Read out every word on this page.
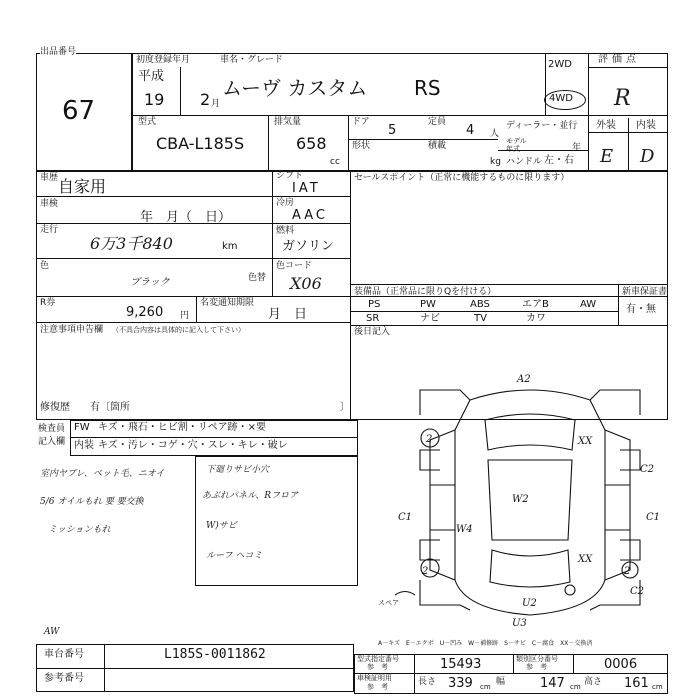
出品番号
67
初度登録年月	車名・グレード
平成
19 2 月
ムーヴ カスタム RS
2WD
4WD
評価点
R
外装 内装
E D
型式
CBA-L185S
排気量
658
cc
ドア
5
定員
4 人
ディーラー・並行
形状	積載	モデル
年式	年
kg ハンドル 左・右
車歴 自家用
車検
年　月（　日）
走行
6万3千840	km
色
ブラック	色替
シフト
IAT
冷房
AAC
燃料
ガソリン
色コード
X06
R券
9,260 円
名変通知期限
月　日
注意事項申告欄 （不具合内容は具体的に記入して下さい）
修復歴 有〔箇所	〕
セールスポイント（正常に機能するものに限ります）
装備品（正常品に限りQを付ける）	新車保証書
有・無
PS	PW	ABS	エアB	AW
SR	ナビ	TV	カワ
後日記入
検査員
記入欄
FW キズ・飛石・ヒビ割・リペア跡・×要
内装 キズ・汚レ・コゲ・穴・スレ・キレ・破レ
室内ヤブレ、ベット毛、ニオイ
5/6 オイルもれ 要 要交換
ミッションもれ
下廻りサビ小穴
あぶれパネル、Rフロア
W)サビ
ルーフ ヘコミ
A2
2	XX
C2
C1	C1
W4
W2
2	2
XX
C2
U2
U3
スペア
A－キズ　E－エクボ　U－凹み　W－補修跡　S－サビ　C－腐食　XX－交換済
AW
車台番号	L185S-0011862
参考番号
型式指定番号
参　考	15493	類別区分番号
参　考	0006
車検証明用
参　考	長さ 339 cm 幅	147 cm 高さ 161 cm
